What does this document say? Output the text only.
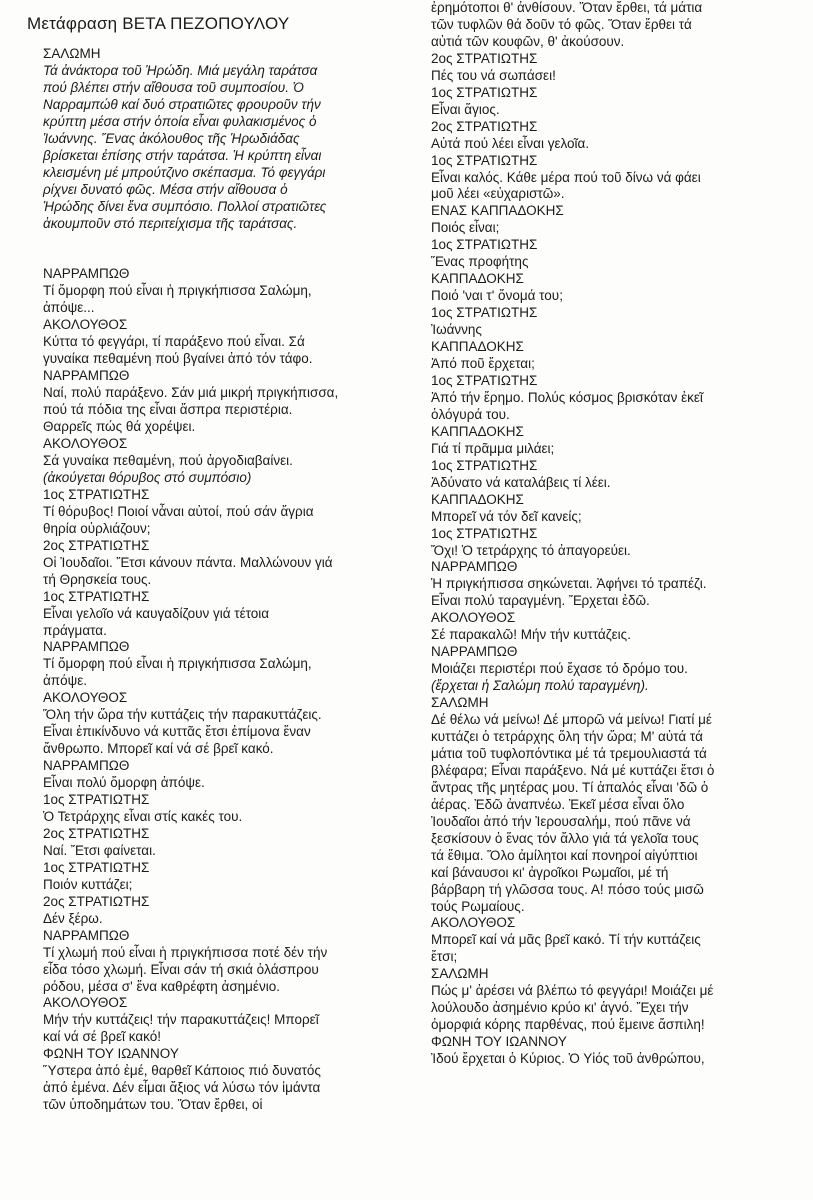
Μετάφραση ΒΕΤΑ ΠΕΖΟΠΟΥΛΟΥ

ΣΑΛΩΜΗ

Τά ἀνάκτορα τοῦ Ἡρώδη. Μιά μεγάλη ταράτσα

πού βλέπει στήν αἴθουσα τοῦ συμποσίου. Ὁ

Ναρραμπώθ καί δυό στρατιῶτες φρουροῦν τήν

κρύπτη μέσα στήν ὁποία εἶναι φυλακισμένος ὁ

Ἰωάννης. Ἕνας ἀκόλουθος τῆς Ἡρωδιάδας

βρίσκεται ἐπίσης στήν ταράτσα. Ἡ κρύπτη εἶναι

κλεισμένη μέ μπρούτζινο σκέπασμα. Τό φεγγάρι

ρίχνει δυνατό φῶς. Μέσα στήν αἴθουσα ὁ

Ἡρώδης δίνει ἕνα συμπόσιο. Πολλοί στρατιῶτες

ἀκουμποῦν στό περιτείχισμα τῆς ταράτσας.

ΝΑΡΡΑΜΠΩΘ

Τί ὄμορφη πού εἶναι ἡ πριγκήπισσα Σαλώμη,

ἀπόψε...

ΑΚΟΛΟΥΘΟΣ

Κύττα τό φεγγάρι, τί παράξενο πού εἶναι. Σά

γυναίκα πεθαμένη πού βγαίνει ἀπό τόν τάφο.

ΝΑΡΡΑΜΠΩΘ

Ναί, πολύ παράξενο. Σάν μιά μικρή πριγκήπισσα,

πού τά πόδια της εἶναι ἄσπρα περιστέρια.

Θαρρεῖς πώς θά χορέψει.

ΑΚΟΛΟΥΘΟΣ

Σά γυναίκα πεθαμένη, πού ἀργοδιαβαίνει.

(ἀκούγεται θόρυβος στό συμπόσιο)

1ος ΣΤΡΑΤΙΩΤΗΣ

Τί θόρυβος! Ποιοί νἆναι αὐτοί, πού σάν ἄγρια

θηρία οὐρλιάζουν;

2ος ΣΤΡΑΤΙΩΤΗΣ

Οἱ Ἰουδαῖοι. Ἔτσι κάνουν πάντα. Μαλλώνουν γιά

τή Θρησκεία τους.

1ος ΣΤΡΑΤΙΩΤΗΣ

Εἶναι γελοῖο νά καυγαδίζουν γιά τέτοια

πράγματα.

ΝΑΡΡΑΜΠΩΘ

Τί ὄμορφη πού εἶναι ἡ πριγκήπισσα Σαλώμη,

ἀπόψε.

ΑΚΟΛΟΥΘΟΣ

Ὅλη τήν ὥρα τήν κυττάζεις τήν παρακυττάζεις.

Εἶναι ἐπικίνδυνο νά κυττᾶς ἔτσι ἐπίμονα ἕναν

ἄνθρωπο. Μπορεῖ καί νά σέ βρεῖ κακό.

ΝΑΡΡΑΜΠΩΘ

Εἶναι πολύ ὄμορφη ἀπόψε.

1ος ΣΤΡΑΤΙΩΤΗΣ

Ὁ Τετράρχης εἶναι στίς κακές του.

2ος ΣΤΡΑΤΙΩΤΗΣ

Ναί. Ἔτσι φαίνεται.

1ος ΣΤΡΑΤΙΩΤΗΣ

Ποιόν κυττάζει;

2ος ΣΤΡΑΤΙΩΤΗΣ

Δέν ξέρω.

ΝΑΡΡΑΜΠΩΘ

Τί χλωμή πού εἶναι ἡ πριγκήπισσα ποτέ δέν τήν

εἶδα τόσο χλωμή. Εἶναι σάν τή σκιά ὁλάσπρου

ρόδου, μέσα σ' ἕνα καθρέφτη ἀσημένιο.

ΑΚΟΛΟΥΘΟΣ

Μήν τήν κυττάζεις! τήν παρακυττάζεις! Μπορεῖ

καί νά σέ βρεῖ κακό!

ΦΩΝΗ ΤΟΥ ΙΩΑΝΝΟΥ

Ὕστερα ἀπό ἐμέ, θαρθεῖ Κάποιος πιό δυνατός

ἀπό ἐμένα. Δέν εἶμαι ἄξιος νά λύσω τόν ἱμάντα

τῶν ὑποδημάτων του. Ὅταν ἔρθει, οἱ

ἐρημότοποι θ' ἀνθίσουν. Ὅταν ἔρθει, τά μάτια

τῶν τυφλῶν θά δοῦν τό φῶς. Ὅταν ἔρθει τά

αὐτιά τῶν κουφῶν, θ' ἀκούσουν.

2ος ΣΤΡΑΤΙΩΤΗΣ

Πές του νά σωπάσει!

1ος ΣΤΡΑΤΙΩΤΗΣ

Εἶναι ἅγιος.

2ος ΣΤΡΑΤΙΩΤΗΣ

Αὐτά πού λέει εἶναι γελοῖα.

1ος ΣΤΡΑΤΙΩΤΗΣ

Εἶναι καλός. Κάθε μέρα πού τοῦ δίνω νά φάει

μοῦ λέει «εὐχαριστῶ».

ΕΝΑΣ ΚΑΠΠΑΔΟΚΗΣ

Ποιός εἶναι;

1ος ΣΤΡΑΤΙΩΤΗΣ

Ἕνας προφήτης

ΚΑΠΠΑΔΟΚΗΣ

Ποιό 'ναι τ' ὄνομά του;

1ος ΣΤΡΑΤΙΩΤΗΣ

Ἰωάννης

ΚΑΠΠΑΔΟΚΗΣ

Ἀπό ποῦ ἔρχεται;

1ος ΣΤΡΑΤΙΩΤΗΣ

Ἀπό τήν ἔρημο. Πολύς κόσμος βρισκόταν ἐκεῖ

ὁλόγυρά του.

ΚΑΠΠΑΔΟΚΗΣ

Γιά τί πρᾶμμα μιλάει;

1ος ΣΤΡΑΤΙΩΤΗΣ

Ἀδύνατο νά καταλάβεις τί λέει.

ΚΑΠΠΑΔΟΚΗΣ

Μπορεῖ νά τόν δεῖ κανείς;

1ος ΣΤΡΑΤΙΩΤΗΣ

Ὄχι! Ὁ τετράρχης τό ἀπαγορεύει.

ΝΑΡΡΑΜΠΩΘ

Ἡ πριγκήπισσα σηκώνεται. Ἀφήνει τό τραπέζι.

Εἶναι πολύ ταραγμένη. Ἔρχεται ἐδῶ.

ΑΚΟΛΟΥΘΟΣ

Σέ παρακαλῶ! Μήν τήν κυττάζεις.

ΝΑΡΡΑΜΠΩΘ

Μοιάζει περιστέρι πού ἔχασε τό δρόμο του.

(ἔρχεται ἡ Σαλώμη πολύ ταραγμένη).

ΣΑΛΩΜΗ

Δέ θέλω νά μείνω! Δέ μπορῶ νά μείνω! Γιατί μέ

κυττάζει ὁ τετράρχης ὅλη τήν ὥρα; Μ' αὐτά τά

μάτια τοῦ τυφλοπόντικα μέ τά τρεμουλιαστά τά

βλέφαρα; Εἶναι παράξενο. Νά μέ κυττάζει ἔτσι ὁ

ἄντρας τῆς μητέρας μου. Τί ἀπαλός εἶναι 'δῶ ὁ

ἀέρας. Ἐδῶ ἀναπνέω. Ἐκεῖ μέσα εἶναι ὅλο

Ἰουδαῖοι ἀπό τήν Ἰερουσαλήμ, πού πᾶνε νά

ξεσκίσουν ὁ ἕνας τόν ἄλλο γιά τά γελοῖα τους

τά ἔθιμα. Ὅλο ἀμίλητοι καί πονηροί αἰγύπτιοι

καί βάναυσοι κι' ἀγροῖκοι Ρωμαῖοι, μέ τή

βάρβαρη τή γλῶσσα τους. Α! πόσο τούς μισῶ

τούς Ρωμαίους.

ΑΚΟΛΟΥΘΟΣ

Μπορεῖ καί νά μᾶς βρεῖ κακό. Τί τήν κυττάζεις

ἔτσι;

ΣΑΛΩΜΗ

Πώς μ' ἀρέσει νά βλέπω τό φεγγάρι! Μοιάζει μέ

λούλουδο ἀσημένιο κρύο κι' ἁγνό. Ἔχει τήν

ὀμορφιά κόρης παρθένας, πού ἔμεινε ἄσπιλη!

ΦΩΝΗ ΤΟΥ ΙΩΑΝΝΟΥ

Ἰδού ἔρχεται ὁ Κύριος. Ὁ Υἱός τοῦ ἀνθρώπου,
